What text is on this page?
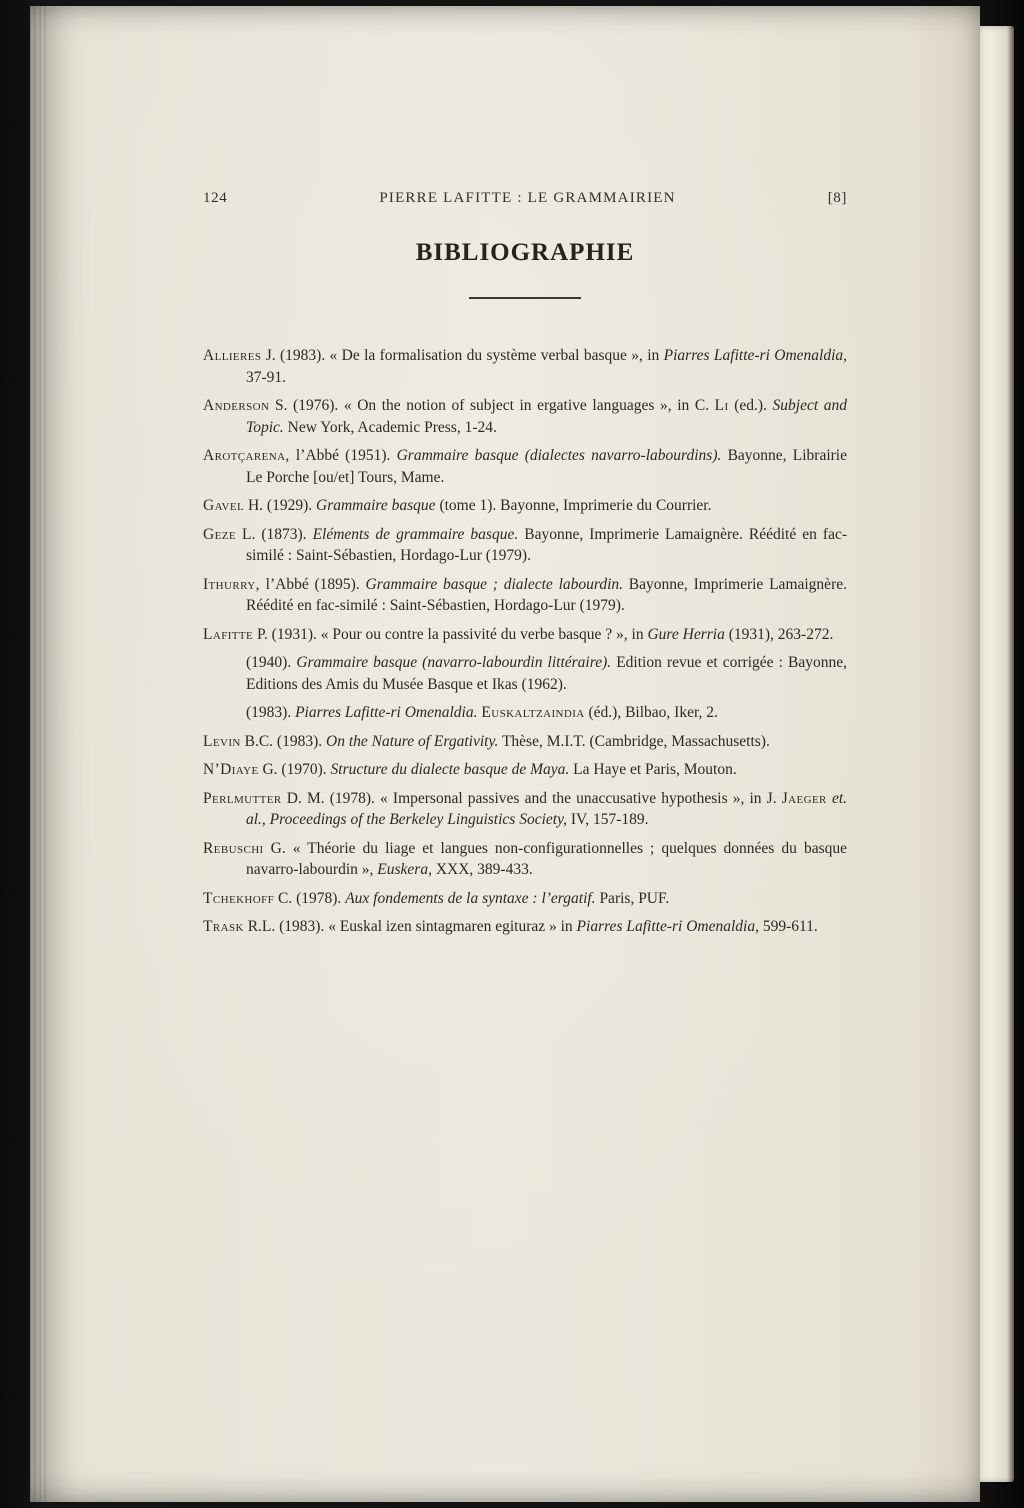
124	PIERRE LAFITTE : LE GRAMMAIRIEN	[8]
BIBLIOGRAPHIE

Allieres J. (1983). « De la formalisation du système verbal basque », in Piarres Lafitte-ri Omenaldia, 37-91.

Anderson S. (1976). « On the notion of subject in ergative languages », in C. Li (ed.). Subject and Topic. New York, Academic Press, 1-24.

Arotçarena, l’Abbé (1951). Grammaire basque (dialectes navarro-labourdins). Bayonne, Librairie Le Porche [ou/et] Tours, Mame.

Gavel H. (1929). Grammaire basque (tome 1). Bayonne, Imprimerie du Courrier.

Geze L. (1873). Eléments de grammaire basque. Bayonne, Imprimerie Lamaignère. Réédité en fac-similé : Saint-Sébastien, Hordago-Lur (1979).

Ithurry, l’Abbé (1895). Grammaire basque ; dialecte labourdin. Bayonne, Imprimerie Lamaignère. Réédité en fac-similé : Saint-Sébastien, Hordago-Lur (1979).

Lafitte P. (1931). « Pour ou contre la passivité du verbe basque ? », in Gure Herria (1931), 263-272.

(1940). Grammaire basque (navarro-labourdin littéraire). Edition revue et corrigée : Bayonne, Editions des Amis du Musée Basque et Ikas (1962).

(1983). Piarres Lafitte-ri Omenaldia. Euskaltzaindia (éd.), Bilbao, Iker, 2.

Levin B.C. (1983). On the Nature of Ergativity. Thèse, M.I.T. (Cambridge, Massachusetts).

N’Diaye G. (1970). Structure du dialecte basque de Maya. La Haye et Paris, Mouton.

Perlmutter D. M. (1978). « Impersonal passives and the unaccusative hypothesis », in J. Jaeger et. al., Proceedings of the Berkeley Linguistics Society, IV, 157-189.

Rebuschi G. « Théorie du liage et langues non-configurationnelles ; quelques données du basque navarro-labourdin », Euskera, XXX, 389-433.

Tchekhoff C. (1978). Aux fondements de la syntaxe : l’ergatif. Paris, PUF.

Trask R.L. (1983). « Euskal izen sintagmaren egituraz » in Piarres Lafitte-ri Omenaldia, 599-611.
